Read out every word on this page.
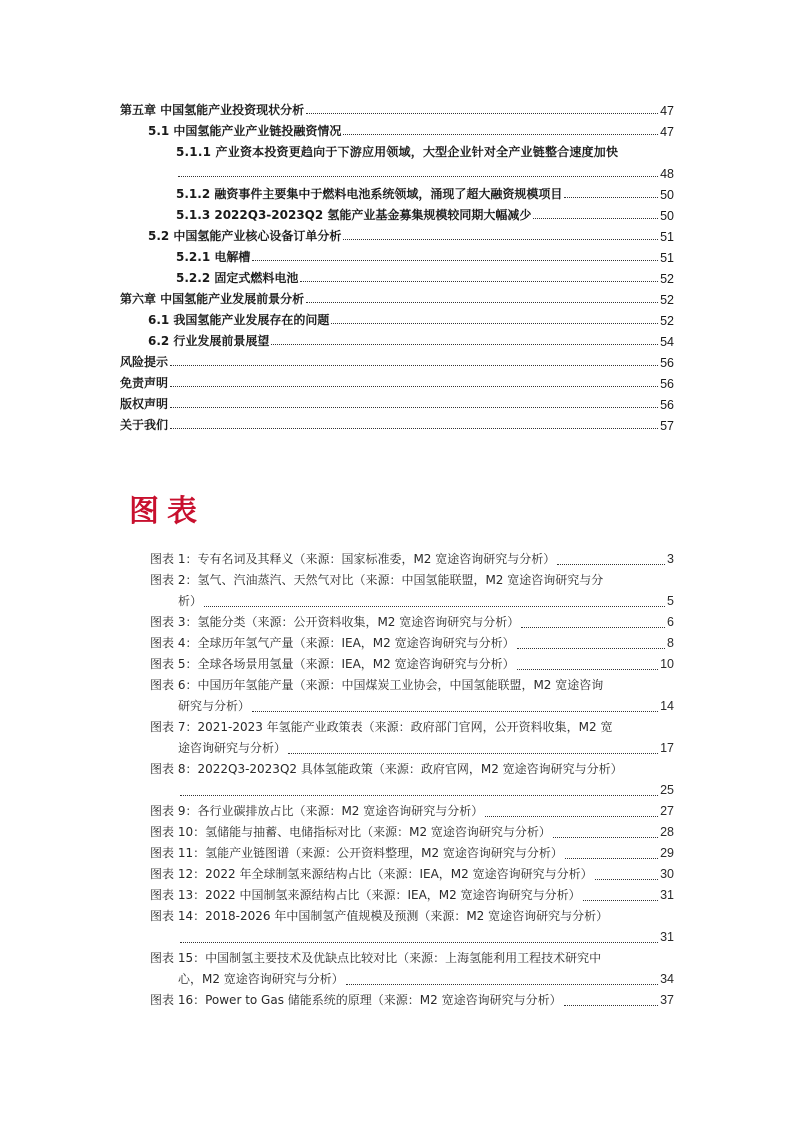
第五章 中国氢能产业投资现状分析	47
5.1 中国氢能产业产业链投融资情况	47
5.1.1 产业资本投资更趋向于下游应用领域，大型企业针对全产业链整合速度加快
48
5.1.2 融资事件主要集中于燃料电池系统领域，涌现了超大融资规模项目	50
5.1.3 2022Q3-2023Q2 氢能产业基金募集规模较同期大幅减少	50
5.2 中国氢能产业核心设备订单分析	51
5.2.1 电解槽	51
5.2.2 固定式燃料电池	52
第六章 中国氢能产业发展前景分析	52
6.1 我国氢能产业发展存在的问题	52
6.2 行业发展前景展望	54
风险提示	56
免责声明	56
版权声明	56
关于我们	57
图表
图表 1： 专有名词及其释义（来源：国家标准委，M2 宽途咨询研究与分析）	3
图表 2： 氢气、汽油蒸汽、天然气对比（来源：中国氢能联盟，M2 宽途咨询研究与分
析）	5
图表 3： 氢能分类（来源：公开资料收集，M2 宽途咨询研究与分析）	6
图表 4： 全球历年氢气产量（来源：IEA，M2 宽途咨询研究与分析）	8
图表 5： 全球各场景用氢量（来源：IEA，M2 宽途咨询研究与分析）	10
图表 6： 中国历年氢能产量（来源：中国煤炭工业协会，中国氢能联盟，M2 宽途咨询
研究与分析）	14
图表 7： 2021-2023 年氢能产业政策表（来源：政府部门官网，公开资料收集，M2 宽
途咨询研究与分析）	17
图表 8： 2022Q3-2023Q2 具体氢能政策（来源：政府官网，M2 宽途咨询研究与分析）
25
图表 9： 各行业碳排放占比（来源：M2 宽途咨询研究与分析）	27
图表 10： 氢储能与抽蓄、电储指标对比（来源：M2 宽途咨询研究与分析）	28
图表 11： 氢能产业链图谱（来源：公开资料整理，M2 宽途咨询研究与分析）	29
图表 12： 2022 年全球制氢来源结构占比（来源：IEA，M2 宽途咨询研究与分析）	30
图表 13： 2022 中国制氢来源结构占比（来源：IEA，M2 宽途咨询研究与分析）	31
图表 14： 2018-2026 年中国制氢产值规模及预测（来源：M2 宽途咨询研究与分析）
31
图表 15： 中国制氢主要技术及优缺点比较对比（来源：上海氢能利用工程技术研究中
心，M2 宽途咨询研究与分析）	34
图表 16： Power to Gas 储能系统的原理（来源：M2 宽途咨询研究与分析）	37
